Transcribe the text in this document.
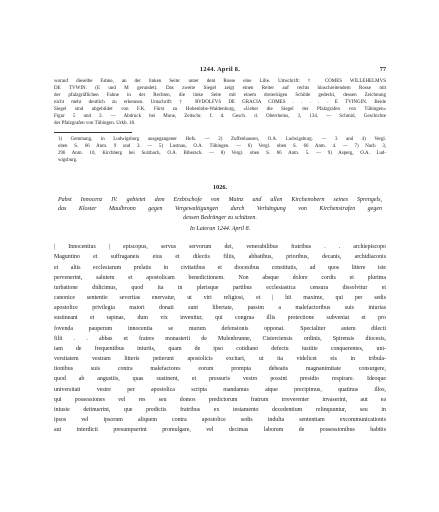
1244. April 8.	77
worauf dieselbe Fahne, an der linken Seite: unter dem Rosse eine Lilie. Umschrift: † COMES WILLEHELMVS
DE TVWIN. (E und M gerundet). Das zweite Siegel zeigt einen Reiter auf rechts hinschreitendem Rosse mit
der pfalzgräflichen Fahne in der Rechten, die linke Seite mit einem dreieckigen Schilde gedeckt, dessen Zeichnung
nicht mehr deutlich zu erkennen. Umschrift: † RVDOLFVS DE GRACIA COMES . . . . . E TVINGIN. Beide
Siegel sind abgebildet von F.K. Fürst zu Hohenlohe-Waldenburg, «Ueber die Siegel der Pfalzgrafen von Tübingen»
Figur 5 und 3. — Abdruck bei Mone, Zeitschr. f. d. Gesch. d. Oberrheins, 3, 134. — Schmid, Geschichte
der Pfalzgrafen von Tübingen. Urkb. 18.
1) Gemmang, in Ludwigsburg ausgegangener Hofs. — 2) Zuffenhausen, O.A. Ludwigsburg. — 3 and 4) Vergl.
oben S. 66 Anm. 9 und 3. — 5) Lustnau, O.A. Tübingen. — 6) Vergl. oben S. 66 Anm. 4. — 7) Nach 3,
296 Anm. 10, Kirchberg bei Sulzbach, O.A. Biberach. — 8) Vergl. oben S. 66 Anm. 5. — 9) Asperg, O.A. Lud-
wigsburg.
1026.
Pabst Innocenz IV. gebietet dem Erzbischofe von Mainz und allen Kirchenobern seines Sprengels,
das Kloster Maulbronn gegen Vergewaltigungen durch Verhängung von Kirchenstrafen gegen
dessen Bedränger zu schützen.
In Lateran 1244. April 8.
| Innocentius | episcopus, servus servorum dei, venerabilibus fratribus . . archiepiscopo
Maguntino et suffraganeis eius et dilectis filiis, abbatibus, prioribus, decanis, archidiaconis
et aliis ecclesiarum prelatis in civitatibus et diocesibus constitutis, ad quos littere iste
pervenerint, salutem et apostolicam benedictionem. Non absque dolore cordis et plurima
turbatione didicimus, quod ita in plerisque partibus ecclesiastica censura dissolvitur et
canonice sententie severitas enervatur, ut viri religiosi, et | hii maxime, qui per sedis
apostolice privilegia maiori donati sunt libertate, passim a malefactoribus suis iniurias
sustineant et rapinas, dum vix invenitur, qui congrua illis protectione subveniat et pro
fovenda pauperum innocentia se murum defensionis opponat. Specialiter autem dilecti
filii . . abbas et fratres monasterii de Mulenbrunne, Cisterciensis ordinis, Spirensis diocesis,
tam de frequentibus iniuriis, quam de ipso cotidiano defectu iustitie conquerentes, uni-
versitatem vestram litteris petierunt apostolicis excitari, ut ita videlicet eis in tribula-
tionibus suis contra malefactores eorum prompta debeatis magnanimitate consurgere,
quod ab angustiis, quas sustinent, et pressuris vestro possint presidio respirare. Ideoque
universitati vestre per apostolica scripta mandamus atque precipimus, quatinus illos,
qui possessiones vel res seu domos predictorum fratrum irreverenter invaserint, aut ea
iniuste detinuerint, que predictis fratribus ex testamento decedentium relinquuntur, seu in
ipsos vel ipsorum aliquem contra apostolice sedis indulta sententiam excommunicationis
aut interdicti presumpserint promulgare, vel decimas laborum de possessionibus habitis
